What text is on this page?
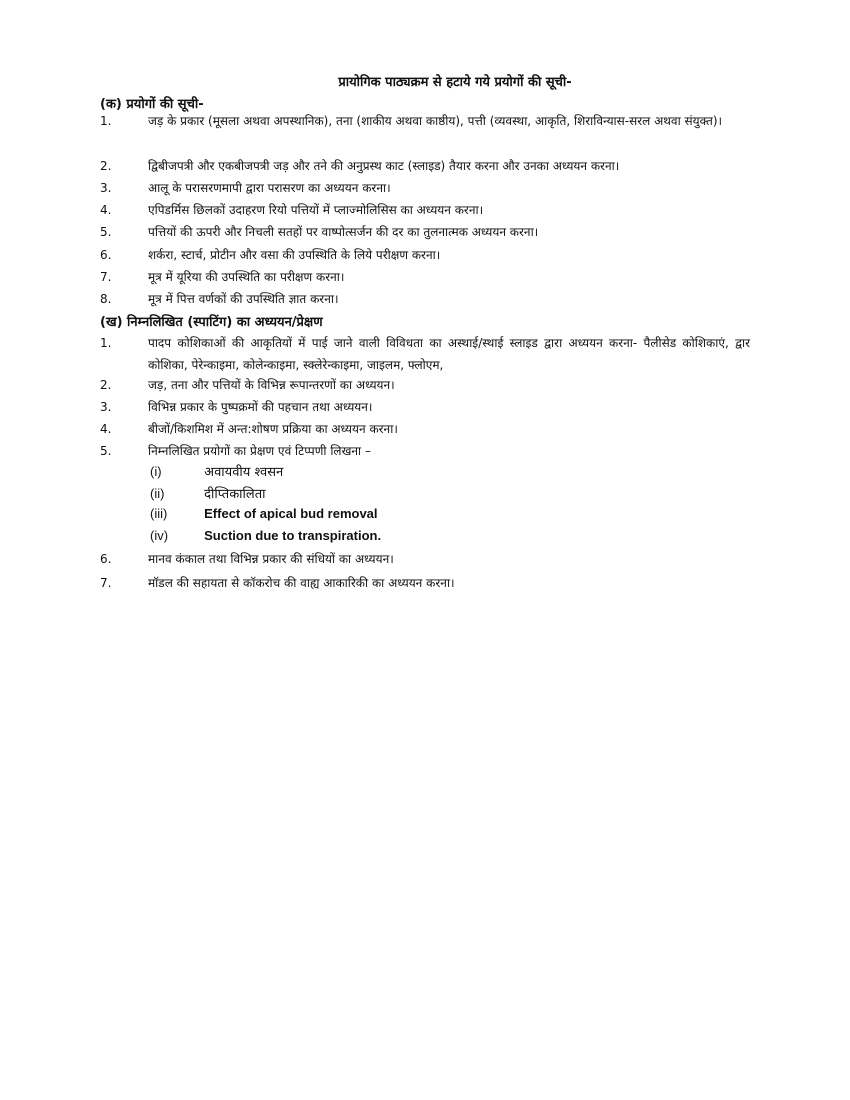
प्रायोगिक पाठ्यक्रम से हटाये गये प्रयोगों की सूची-
(क) प्रयोगों की सूची-
1.	जड़ के प्रकार (मूसला अथवा अपस्थानिक), तना (शाकीय अथवा काष्ठीय), पत्ती (व्यवस्था, आकृति, शिराविन्यास-सरल अथवा संयुक्त)।
2.	द्विबीजपत्री और एकबीजपत्री जड़ और तने की अनुप्रस्थ काट (स्लाइड) तैयार करना और उनका अध्ययन करना।
3.	आलू के परासरणमापी द्वारा परासरण का अध्ययन करना।
4.	एपिडर्मिस छिलकों उदाहरण रियो पत्तियों में प्लाज्मोलिसिस का अध्ययन करना।
5.	पत्तियों की ऊपरी और निचली सतहों पर वाष्पोत्सर्जन की दर का तुलनात्मक अध्ययन करना।
6.	शर्करा, स्टार्च, प्रोटीन और वसा की उपस्थिति के लिये परीक्षण करना।
7.	मूत्र में यूरिया की उपस्थिति का परीक्षण करना।
8.	मूत्र में पित्त वर्णकों की उपस्थिति ज्ञात करना।
(ख) निम्नलिखित (स्पाटिंग) का अध्ययन/प्रेक्षण
1.	पादप कोशिकाओं की आकृतियों में पाई जाने वाली विविधता का अस्थाई/स्थाई स्लाइड द्वारा अध्ययन करना- पैलीसेड कोशिकाएं, द्वार कोशिका, पेरेन्काइमा, कोलेन्काइमा, स्क्लेरेन्काइमा, जाइलम, फ्लोएम,
2.	जड़, तना और पत्तियों के विभिन्न रूपान्तरणों का अध्ययन।
3.	विभिन्न प्रकार के पुष्पक्रमों की पहचान तथा अध्ययन।
4.	बीजों/किशमिश में अन्त:शोषण प्रक्रिया का अध्ययन करना।
5.	निम्नलिखित प्रयोगों का प्रेक्षण एवं टिप्पणी लिखना –
(i)	अवायवीय श्वसन
(ii)	दीप्तिकालिता
(iii)	Effect of apical bud removal
(iv)	Suction due to transpiration.
6.	मानव कंकाल तथा विभिन्न प्रकार की संधियों का अध्ययन।
7.	मॉडल की सहायता से कॉकरोच की वाह्य आकारिकी का अध्ययन करना।
